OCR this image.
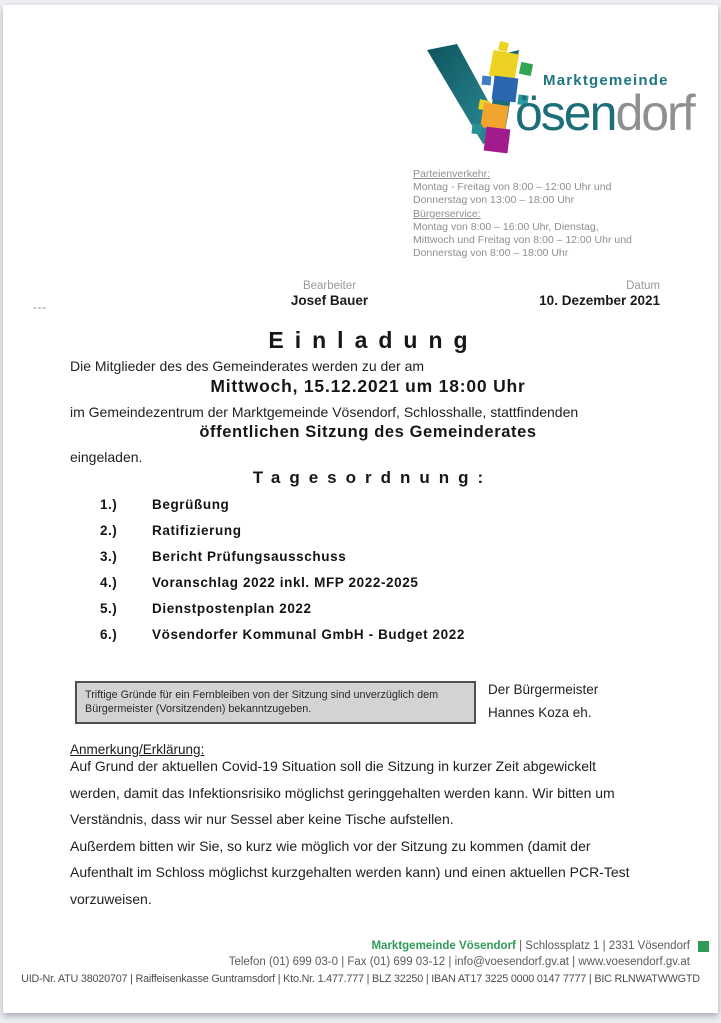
Marktgemeinde
ösendorf
Parteienverkehr:
Montag - Freitag von 8:00 – 12:00 Uhr und
Donnerstag von 13:00 – 18:00 Uhr
Bürgerservice:
Montag von 8:00 – 16:00 Uhr, Dienstag,
Mittwoch und Freitag von 8:00 – 12:00 Uhr und
Donnerstag von 8:00 – 18:00 Uhr
Bearbeiter
Josef Bauer
Datum
10. Dezember 2021
---
Einladung
Die Mitglieder des des Gemeinderates werden zu der am
Mittwoch, 15.12.2021 um 18:00 Uhr
im Gemeindezentrum der Marktgemeinde Vösendorf, Schlosshalle, stattfindenden
öffentlichen Sitzung des Gemeinderates
eingeladen.
Tagesordnung:
1.)	Begrüßung
2.)	Ratifizierung
3.)	Bericht Prüfungsausschuss
4.)	Voranschlag 2022 inkl. MFP 2022-2025
5.)	Dienstpostenplan 2022
6.)	Vösendorfer Kommunal GmbH - Budget 2022
Triftige Gründe für ein Fernbleiben von der Sitzung sind unverzüglich dem
Bürgermeister (Vorsitzenden) bekanntzugeben.
Der Bürgermeister
Hannes Koza eh.
Anmerkung/Erklärung:
Auf Grund der aktuellen Covid-19 Situation soll die Sitzung in kurzer Zeit abgewickelt
werden, damit das Infektionsrisiko möglichst geringgehalten werden kann. Wir bitten um
Verständnis, dass wir nur Sessel aber keine Tische aufstellen.
Außerdem bitten wir Sie, so kurz wie möglich vor der Sitzung zu kommen (damit der
Aufenthalt im Schloss möglichst kurzgehalten werden kann) und einen aktuellen PCR-Test
vorzuweisen.
Marktgemeinde Vösendorf | Schlossplatz 1 | 2331 Vösendorf
Telefon (01) 699 03-0 | Fax (01) 699 03-12 | info@voesendorf.gv.at | www.voesendorf.gv.at
UID-Nr. ATU 38020707 | Raiffeisenkasse Guntramsdorf | Kto.Nr. 1.477.777 | BLZ 32250 | IBAN AT17 3225 0000 0147 7777 | BIC RLNWATWWGTD
